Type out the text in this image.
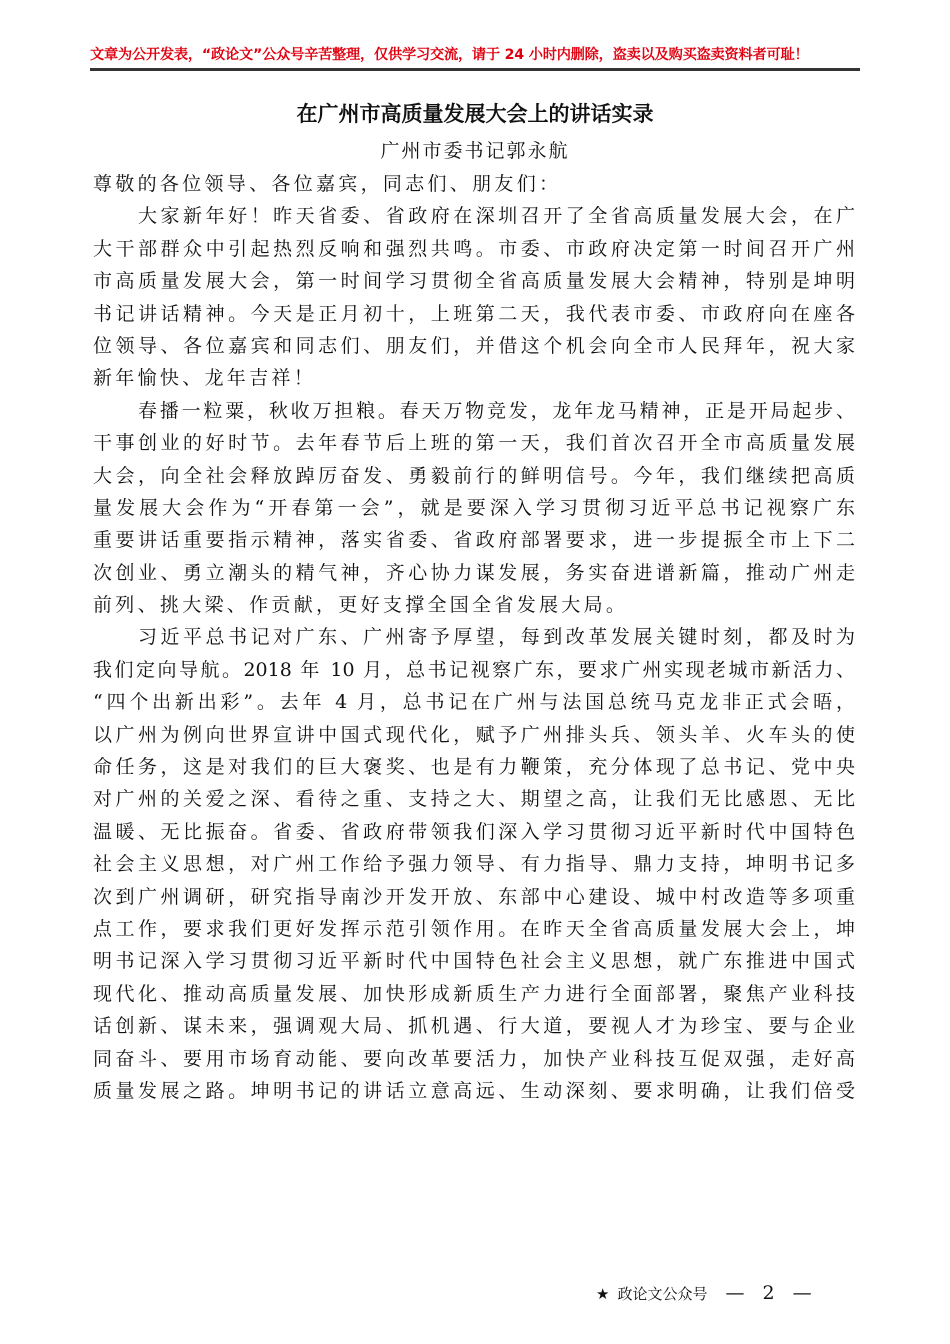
文章为公开发表，“政论文”公众号辛苦整理，仅供学习交流，请于 24 小时内删除，盗卖以及购买盗卖资料者可耻！
在广州市高质量发展大会上的讲话实录
广州市委书记郭永航
尊敬的各位领导、各位嘉宾，同志们、朋友们：
大家新年好！昨天省委、省政府在深圳召开了全省高质量发展大会，在广
大干部群众中引起热烈反响和强烈共鸣。市委、市政府决定第一时间召开广州
市高质量发展大会，第一时间学习贯彻全省高质量发展大会精神，特别是坤明
书记讲话精神。今天是正月初十，上班第二天，我代表市委、市政府向在座各
位领导、各位嘉宾和同志们、朋友们，并借这个机会向全市人民拜年，祝大家
新年愉快、龙年吉祥！
春播一粒粟，秋收万担粮。春天万物竞发，龙年龙马精神，正是开局起步、
干事创业的好时节。去年春节后上班的第一天，我们首次召开全市高质量发展
大会，向全社会释放踔厉奋发、勇毅前行的鲜明信号。今年，我们继续把高质
量发展大会作为“开春第一会”，就是要深入学习贯彻习近平总书记视察广东
重要讲话重要指示精神，落实省委、省政府部署要求，进一步提振全市上下二
次创业、勇立潮头的精气神，齐心协力谋发展，务实奋进谱新篇，推动广州走
前列、挑大梁、作贡献，更好支撑全国全省发展大局。
习近平总书记对广东、广州寄予厚望，每到改革发展关键时刻，都及时为
我们定向导航。2018 年 10 月，总书记视察广东，要求广州实现老城市新活力、
“四个出新出彩”。去年 4 月，总书记在广州与法国总统马克龙非正式会晤，
以广州为例向世界宣讲中国式现代化，赋予广州排头兵、领头羊、火车头的使
命任务，这是对我们的巨大褒奖、也是有力鞭策，充分体现了总书记、党中央
对广州的关爱之深、看待之重、支持之大、期望之高，让我们无比感恩、无比
温暖、无比振奋。省委、省政府带领我们深入学习贯彻习近平新时代中国特色
社会主义思想，对广州工作给予强力领导、有力指导、鼎力支持，坤明书记多
次到广州调研，研究指导南沙开发开放、东部中心建设、城中村改造等多项重
点工作，要求我们更好发挥示范引领作用。在昨天全省高质量发展大会上，坤
明书记深入学习贯彻习近平新时代中国特色社会主义思想，就广东推进中国式
现代化、推动高质量发展、加快形成新质生产力进行全面部署，聚焦产业科技
话创新、谋未来，强调观大局、抓机遇、行大道，要视人才为珍宝、要与企业
同奋斗、要用市场育动能、要向改革要活力，加快产业科技互促双强，走好高
质量发展之路。坤明书记的讲话立意高远、生动深刻、要求明确，让我们倍受
★ 政论文公众号 — 2 —
